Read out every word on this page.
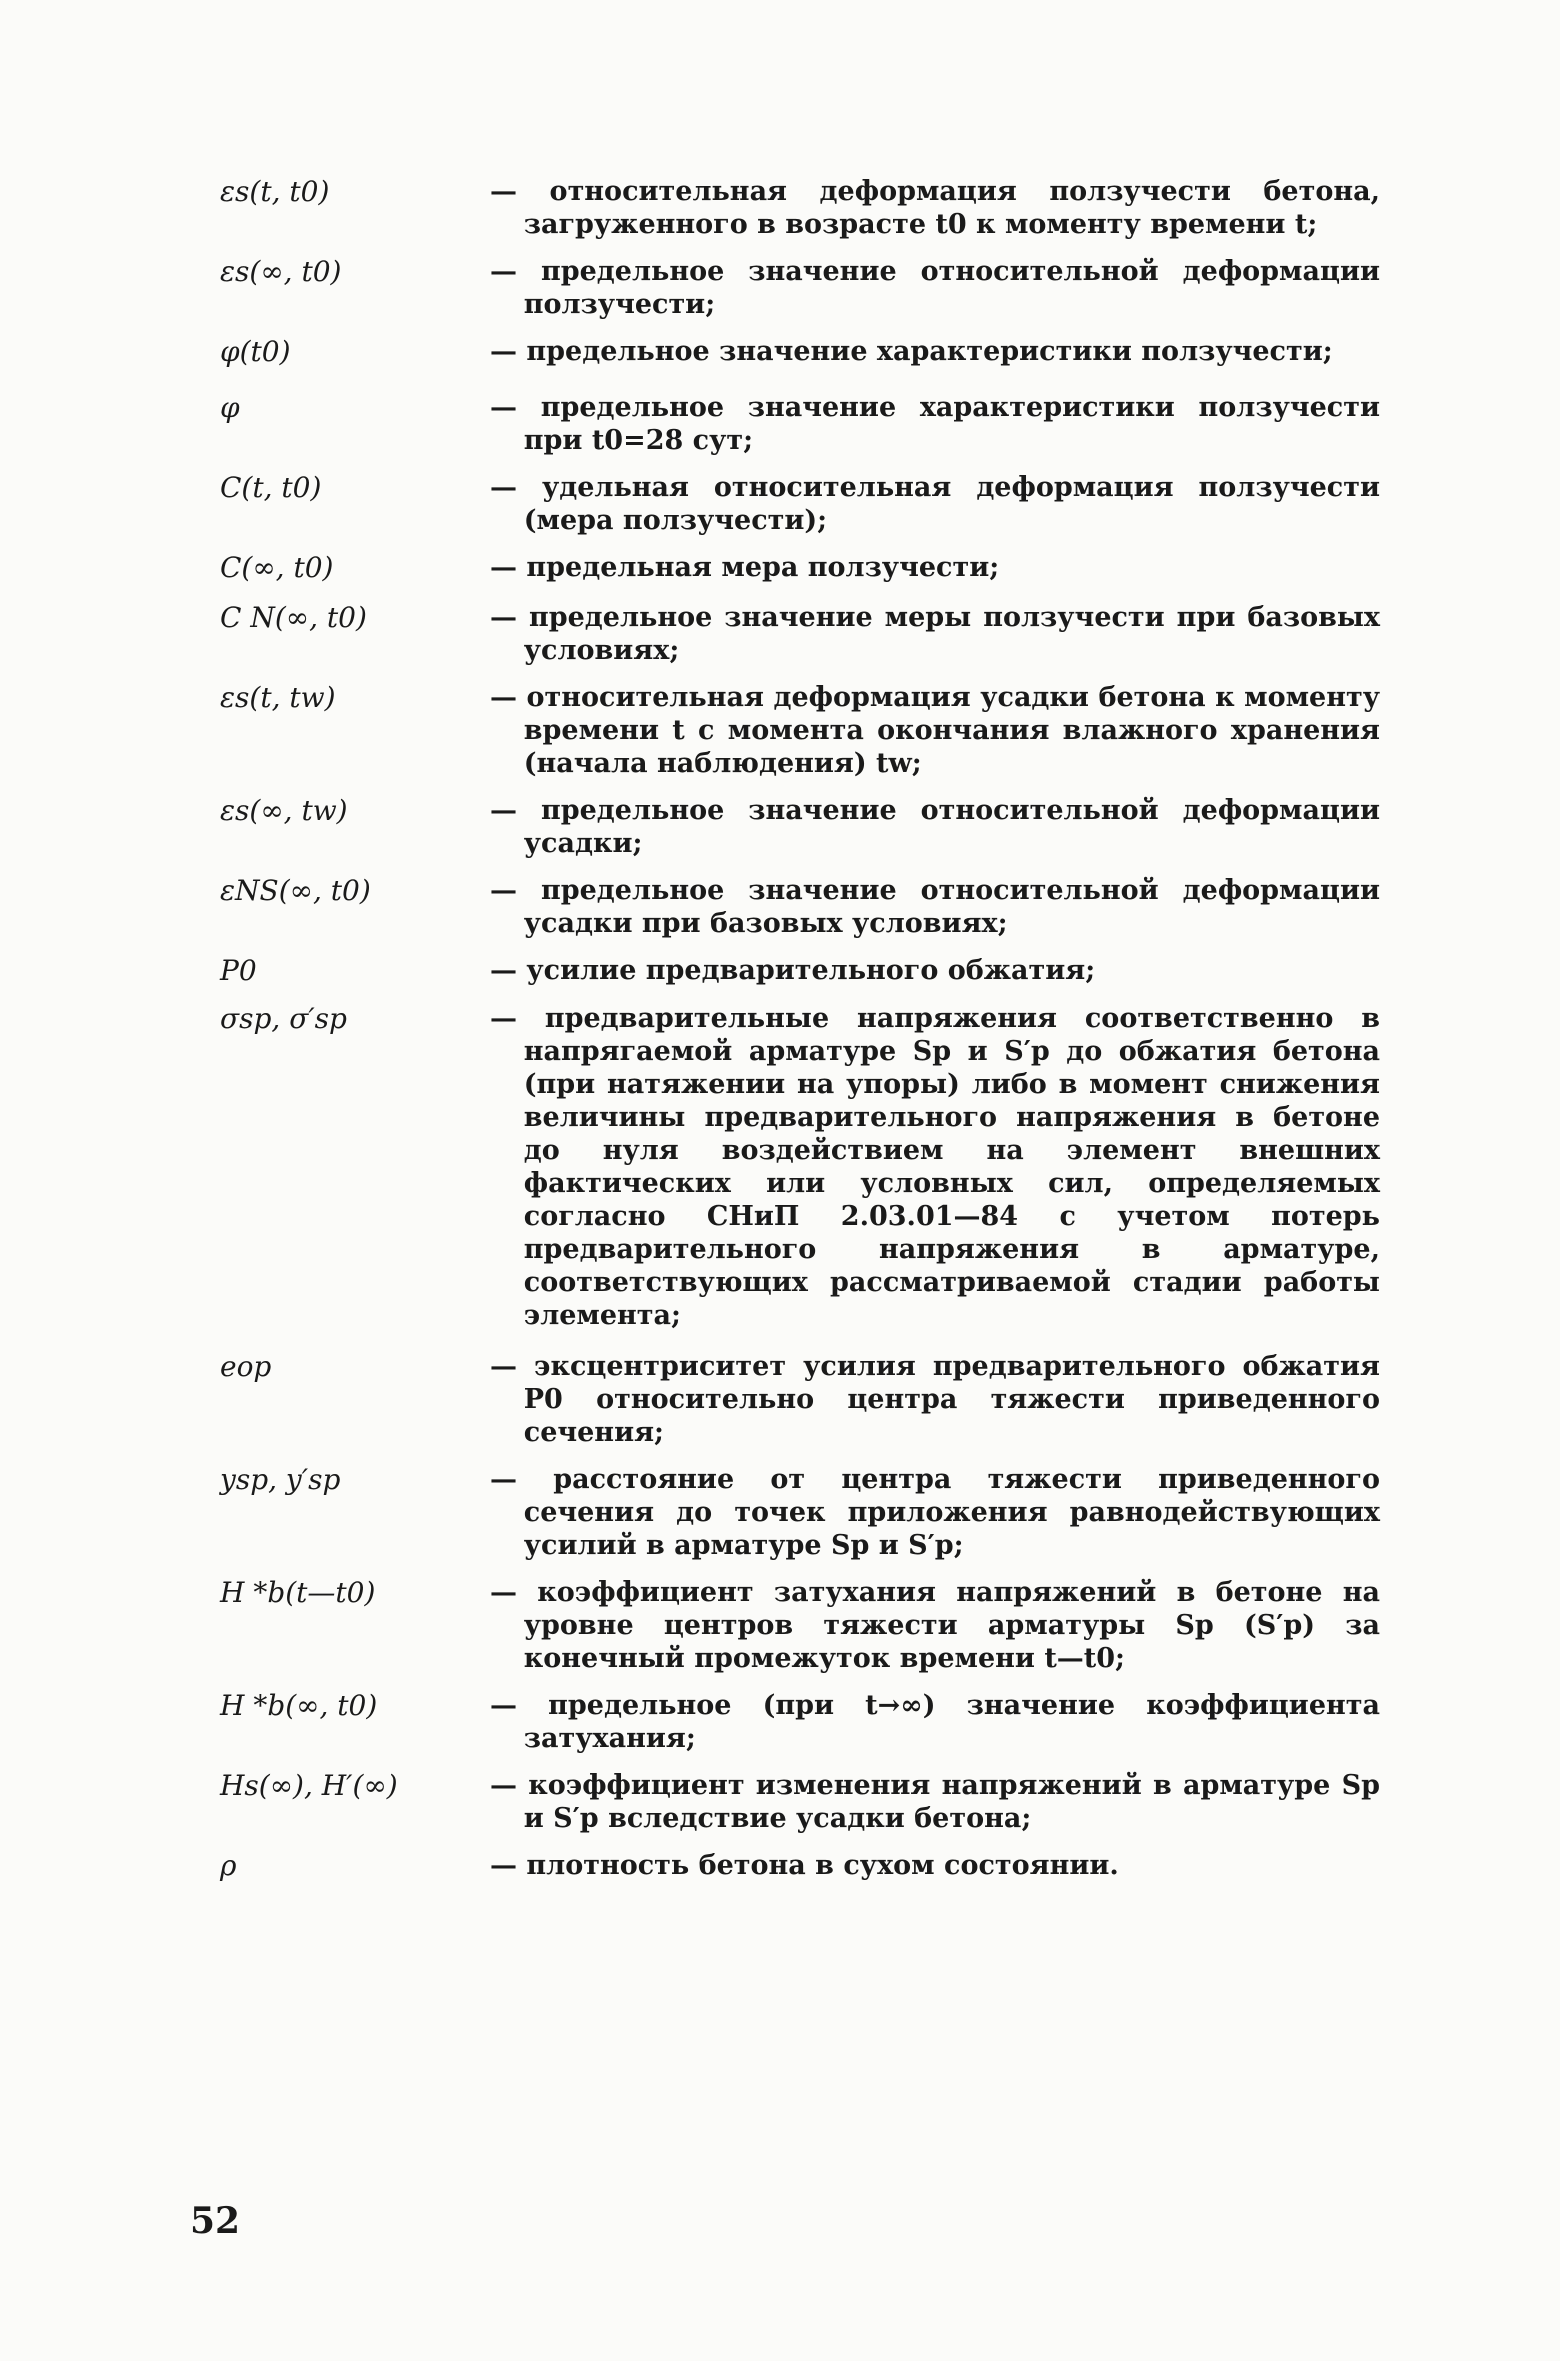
εs(t, t0)	— относительная деформация ползучести бетона, загруженного в возрасте t0 к моменту времени t;
εs(∞, t0)	— предельное значение относительной деформации ползучести;
φ(t0)	— предельное значение характеристики ползучести;
φ	— предельное значение характеристики ползучести при t0=28 сут;
C(t, t0)	— удельная относительная деформация ползучести (мера ползучести);
C(∞, t0)	— предельная мера ползучести;
C N(∞, t0)	— предельное значение меры ползучести при базовых условиях;
εs(t, tw)	— относительная деформация усадки бетона к моменту времени t с момента окончания влажного хранения (начала наблюдения) tw;
εs(∞, tw)	— предельное значение относительной деформации усадки;
εNS(∞, t0)	— предельное значение относительной деформации усадки при базовых условиях;
P0	— усилие предварительного обжатия;
σsp, σ′sp	— предварительные напряжения соответственно в напрягаемой арматуре Sp и S′p до обжатия бетона (при натяжении на упоры) либо в момент снижения величины предварительного напряжения в бетоне до нуля воздействием на элемент внешних фактических или условных сил, определяемых согласно СНиП 2.03.01—84 с учетом потерь предварительного напряжения в арматуре, соответствующих рассматриваемой стадии работы элемента;
eop	— эксцентриситет усилия предварительного обжатия P0 относительно центра тяжести приведенного сечения;
ysp, y′sp	— расстояние от центра тяжести приведенного сечения до точек приложения равнодействующих усилий в арматуре Sp и S′p;
H *b(t—t0)	— коэффициент затухания напряжений в бетоне на уровне центров тяжести арматуры Sp (S′p) за конечный промежуток времени t—t0;
H *b(∞, t0)	— предельное (при t→∞) значение коэффициента затухания;
Hs(∞), H′(∞)	— коэффициент изменения напряжений в арматуре Sp и S′p вследствие усадки бетона;
ρ	— плотность бетона в сухом состоянии.
52
